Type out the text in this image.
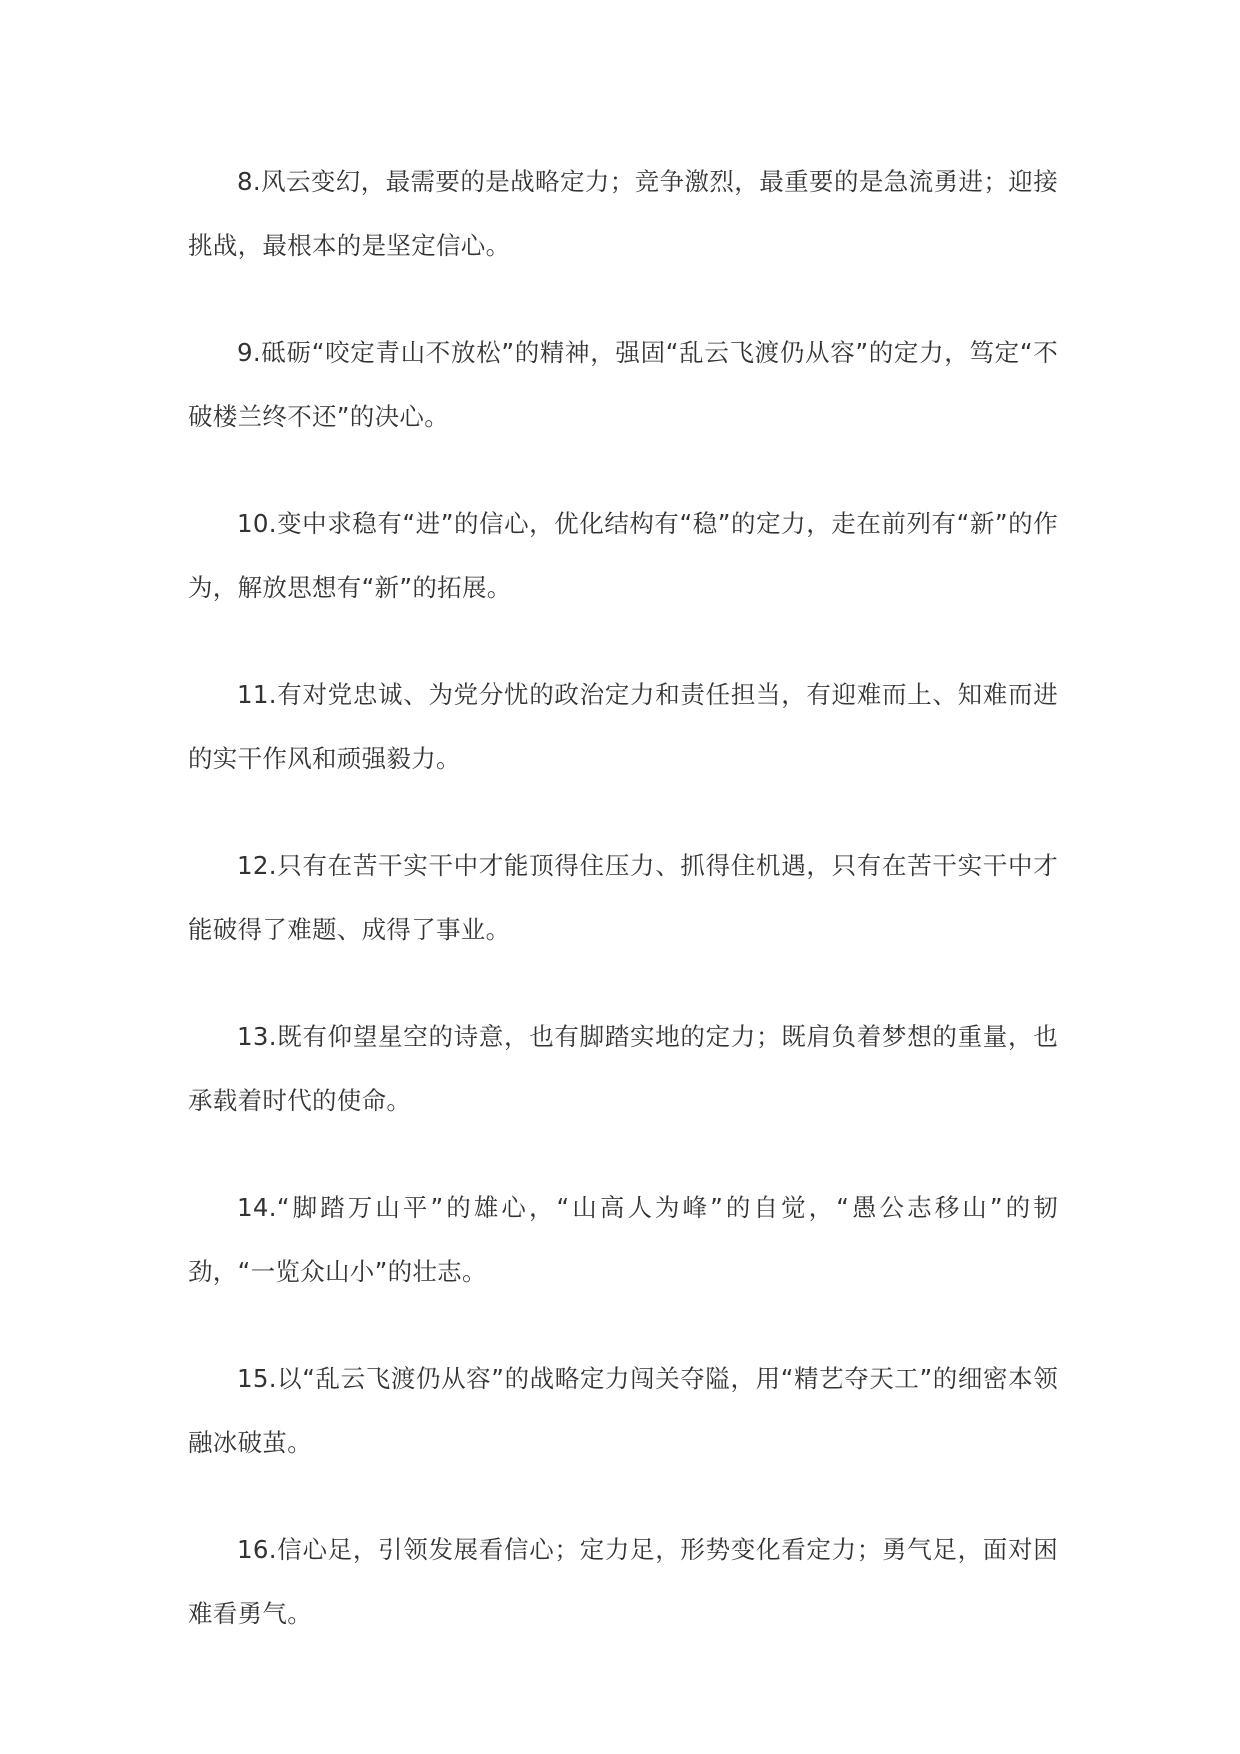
8.风云变幻，最需要的是战略定力；竞争激烈，最重要的是急流勇进；迎接挑战，最根本的是坚定信心。

9.砥砺“咬定青山不放松”的精神，强固“乱云飞渡仍从容”的定力，笃定“不破楼兰终不还”的决心。

10.变中求稳有“进”的信心，优化结构有“稳”的定力，走在前列有“新”的作为，解放思想有“新”的拓展。

11.有对党忠诚、为党分忧的政治定力和责任担当，有迎难而上、知难而进的实干作风和顽强毅力。

12.只有在苦干实干中才能顶得住压力、抓得住机遇，只有在苦干实干中才能破得了难题、成得了事业。

13.既有仰望星空的诗意，也有脚踏实地的定力；既肩负着梦想的重量，也承载着时代的使命。

14.“脚踏万山平”的雄心，“山高人为峰”的自觉，“愚公志移山”的韧劲，“一览众山小”的壮志。

15.以“乱云飞渡仍从容”的战略定力闯关夺隘，用“精艺夺天工”的细密本领融冰破茧。

16.信心足，引领发展看信心；定力足，形势变化看定力；勇气足，面对困难看勇气。
